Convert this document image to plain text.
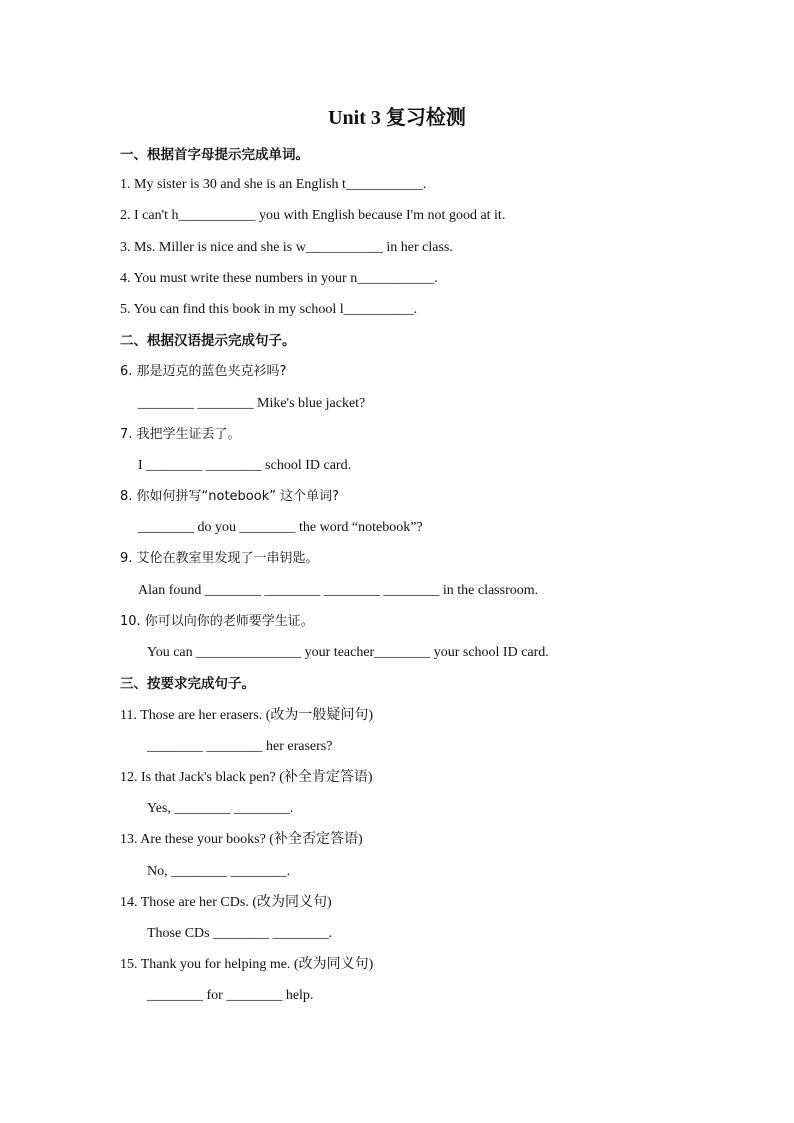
Unit 3 复习检测
一、根据首字母提示完成单词。
1. My sister is 30 and she is an English t___________.
2. I can't h___________ you with English because I'm not good at it.
3. Ms. Miller is nice and she is w___________ in her class.
4. You must write these numbers in your n___________.
5. You can find this book in my school l__________.
二、根据汉语提示完成句子。
6. 那是迈克的蓝色夹克衫吗?
________ ________ Mike's blue jacket?
7. 我把学生证丢了。
I ________ ________ school ID card.
8. 你如何拼写“notebook” 这个单词?
________ do you ________ the word “notebook”?
9. 艾伦在教室里发现了一串钥匙。
Alan found ________ ________ ________ ________ in the classroom.
10. 你可以向你的老师要学生证。
You can _______________ your teacher________ your school ID card.
三、按要求完成句子。
11. Those are her erasers. (改为一般疑问句)
________ ________ her erasers?
12. Is that Jack's black pen? (补全肯定答语)
Yes, ________ ________.
13. Are these your books? (补全否定答语)
No, ________ ________.
14. Those are her CDs. (改为同义句)
Those CDs ________ ________.
15. Thank you for helping me. (改为同义句)
________ for ________ help.
